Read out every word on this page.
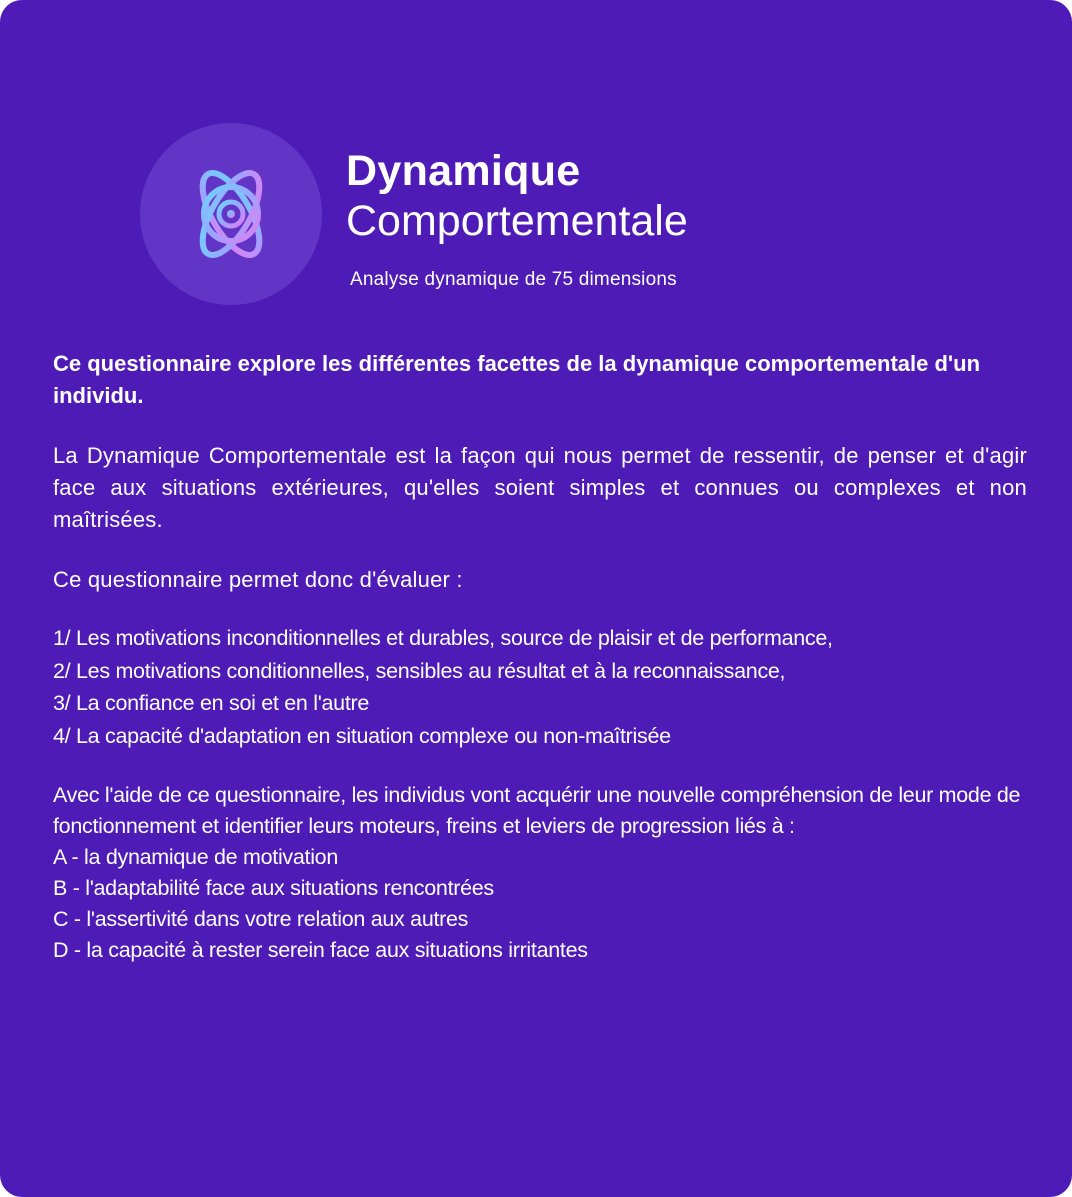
Dynamique
Comportementale
Analyse dynamique de 75 dimensions

Ce questionnaire explore les différentes facettes de la dynamique comportementale d'un individu.

La Dynamique Comportementale est la façon qui nous permet de ressentir, de penser et d'agir face aux situations extérieures, qu'elles soient simples et connues ou complexes et non maîtrisées.

Ce questionnaire permet donc d'évaluer :

1/ Les motivations inconditionnelles et durables, source de plaisir et de performance,

2/ Les motivations conditionnelles, sensibles au résultat et à la reconnaissance,

3/ La confiance en soi et en l'autre

4/ La capacité d'adaptation en situation complexe ou non-maîtrisée

Avec l'aide de ce questionnaire, les individus vont acquérir une nouvelle compréhension de leur mode de fonctionnement et identifier leurs moteurs, freins et leviers de progression liés à :

A - la dynamique de motivation

B - l'adaptabilité face aux situations rencontrées

C - l'assertivité dans votre relation aux autres

D - la capacité à rester serein face aux situations irritantes
